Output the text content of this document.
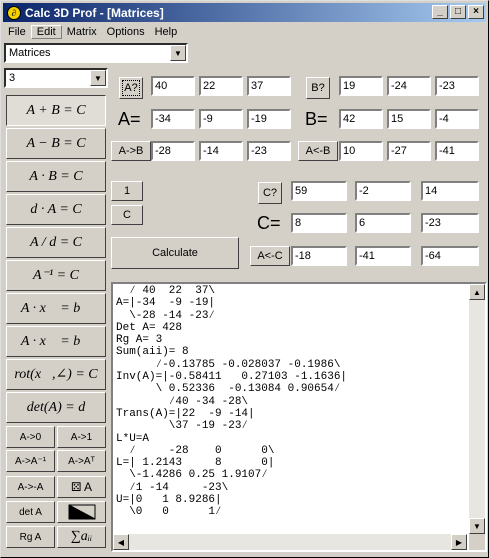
∂ Calc 3D Prof - [Matrices]	_	□	×
File	Edit	Matrix Options Help
Matrices	▼
3	▼
A + B = C
A − B = C
A · B = C
d · A = C
A / d = C
A⁻¹ = C
A · x⃗ = b⃗
A · x⃗ = b⃗
rot(x⃗,∠) = C
det(A) = d
A->0	A->1
A->A⁻¹	A->Aᵀ
A->-A	⚄ A
det A
Rg A	∑aᵢᵢ
A?
A=
A->B
40	22	37
-34	-9	-19
-28	-14	-23
B?
B=
A<-B
19	-24	-23
42	15	-4
10	-27	-41
1
C
Calculate
C?
C=
A<-C
59	-2	14
8	6	-23
-18	-41	-64
⁄ 40  22  37\
A=|-34  -9 -19|
\-28 -14 -23⁄
Det A= 428
Rg A= 3
Sum(aii)= 8
⁄-0.13785 -0.028037 -0.1986\
Inv(A)=|-0.58411   0.27103 -1.1636|
\ 0.52336  -0.13084 0.90654⁄
⁄40 -34 -28\
Trans(A)=|22  -9 -14|
\37 -19 -23⁄
L*U=A
⁄     -28    0      0\
L=| 1.2143     8      0|
\-1.4286 0.25 1.9107⁄
⁄1 -14     -23\
U=|0   1 8.9286|
\0   0      1⁄
▲
▼
◀	▶
